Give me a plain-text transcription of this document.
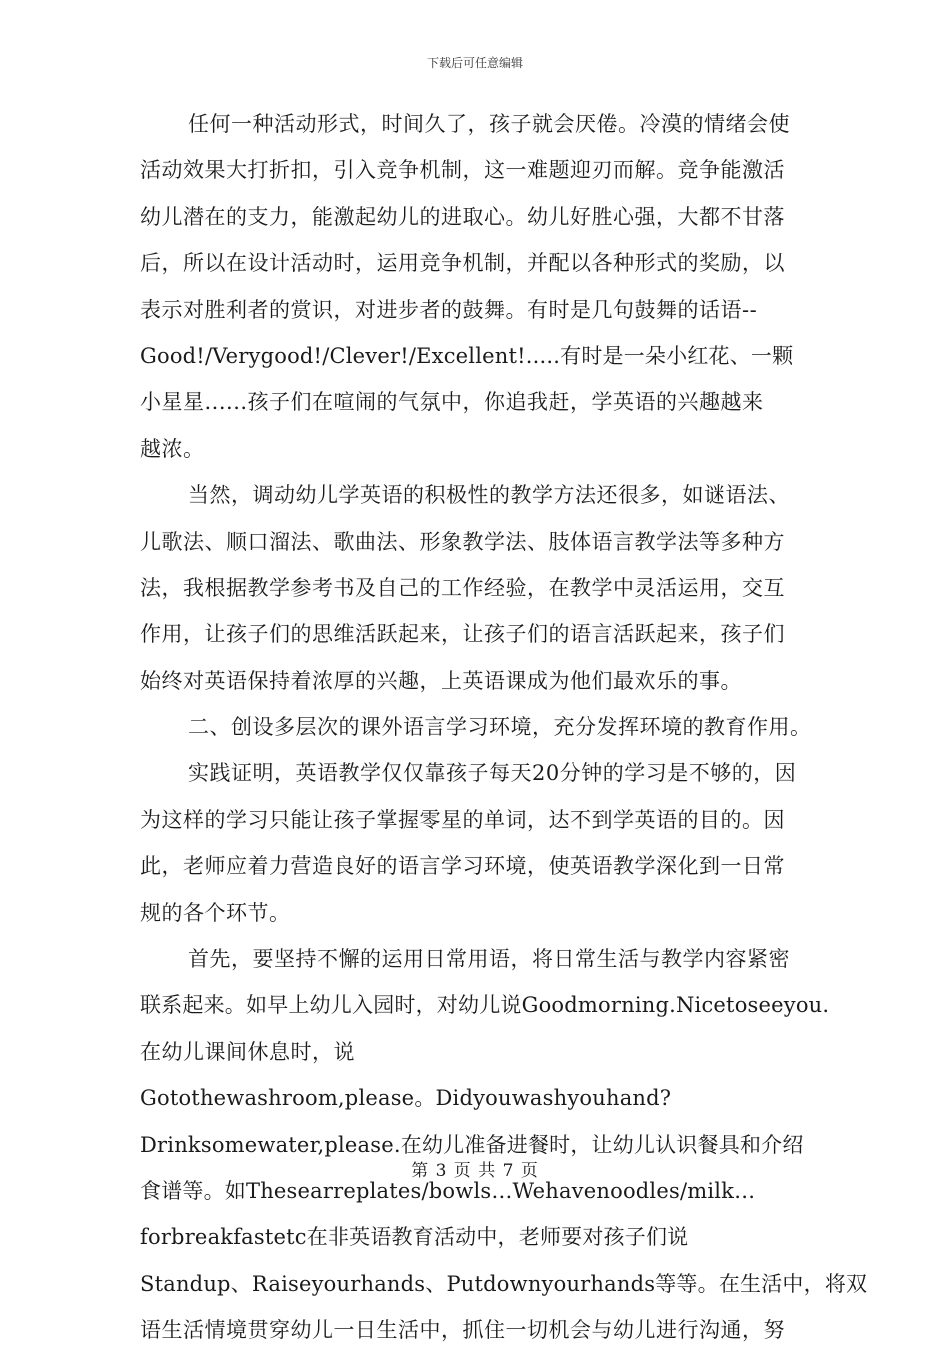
下载后可任意编辑
任何一种活动形式，时间久了，孩子就会厌倦。冷漠的情绪会使
活动效果大打折扣，引入竞争机制，这一难题迎刃而解。竞争能激活
幼儿潜在的支力，能激起幼儿的进取心。幼儿好胜心强，大都不甘落
后，所以在设计活动时，运用竞争机制，并配以各种形式的奖励，以
表示对胜利者的赏识，对进步者的鼓舞。有时是几句鼓舞的话语--
Good!/Verygood!/Clever!/Excellent!.....有时是一朵小红花、一颗
小星星......孩子们在喧闹的气氛中，你追我赶，学英语的兴趣越来
越浓。
当然，调动幼儿学英语的积极性的教学方法还很多，如谜语法、
儿歌法、顺口溜法、歌曲法、形象教学法、肢体语言教学法等多种方
法，我根据教学参考书及自己的工作经验，在教学中灵活运用，交互
作用，让孩子们的思维活跃起来，让孩子们的语言活跃起来，孩子们
始终对英语保持着浓厚的兴趣，上英语课成为他们最欢乐的事。
二、创设多层次的课外语言学习环境，充分发挥环境的教育作用。
实践证明，英语教学仅仅靠孩子每天20分钟的学习是不够的，因
为这样的学习只能让孩子掌握零星的单词，达不到学英语的目的。因
此，老师应着力营造良好的语言学习环境，使英语教学深化到一日常
规的各个环节。
首先，要坚持不懈的运用日常用语，将日常生活与教学内容紧密
联系起来。如早上幼儿入园时，对幼儿说Goodmorning.Nicetoseeyou.
在幼儿课间休息时，说
Gotothewashroom,please。Didyouwashyouhand?
Drinksomewater,please.在幼儿准备进餐时，让幼儿认识餐具和介绍
食谱等。如Thesearreplates/bowls…Wehavenoodles/milk…
forbreakfastetc在非英语教育活动中，老师要对孩子们说
Standup、Raiseyourhands、Putdownyourhands等等。在生活中，将双
语生活情境贯穿幼儿一日生活中，抓住一切机会与幼儿进行沟通，努
第 3 页 共 7 页
